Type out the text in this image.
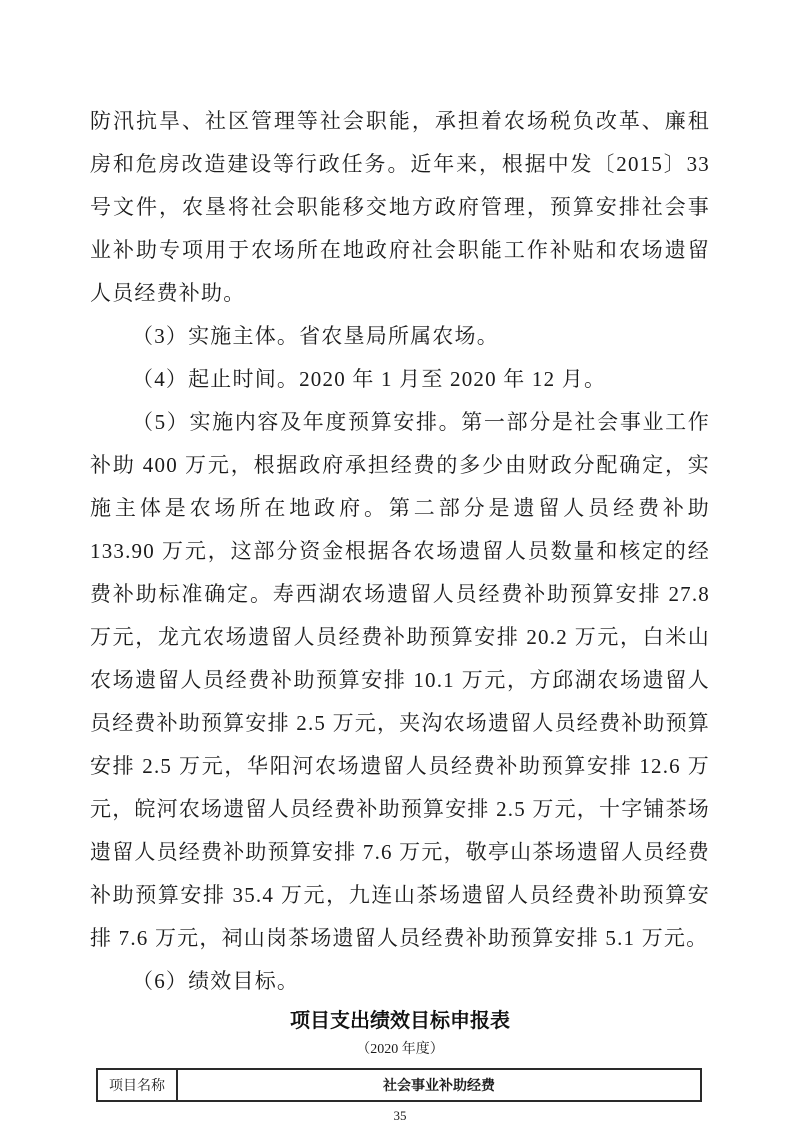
防汛抗旱、社区管理等社会职能，承担着农场税负改革、廉租房和危房改造建设等行政任务。近年来，根据中发〔2015〕33 号文件，农垦将社会职能移交地方政府管理，预算安排社会事业补助专项用于农场所在地政府社会职能工作补贴和农场遗留人员经费补助。

（3）实施主体。省农垦局所属农场。

（4）起止时间。2020 年 1 月至 2020 年 12 月。

（5）实施内容及年度预算安排。第一部分是社会事业工作补助 400 万元，根据政府承担经费的多少由财政分配确定，实施主体是农场所在地政府。第二部分是遗留人员经费补助 133.90 万元，这部分资金根据各农场遗留人员数量和核定的经费补助标准确定。寿西湖农场遗留人员经费补助预算安排 27.8 万元，龙亢农场遗留人员经费补助预算安排 20.2 万元，白米山农场遗留人员经费补助预算安排 10.1 万元，方邱湖农场遗留人员经费补助预算安排 2.5 万元，夹沟农场遗留人员经费补助预算安排 2.5 万元，华阳河农场遗留人员经费补助预算安排 12.6 万元，皖河农场遗留人员经费补助预算安排 2.5 万元，十字铺茶场遗留人员经费补助预算安排 7.6 万元，敬亭山茶场遗留人员经费补助预算安排 35.4 万元，九连山茶场遗留人员经费补助预算安排 7.6 万元，祠山岗茶场遗留人员经费补助预算安排 5.1 万元。

（6）绩效目标。

项目支出绩效目标申报表
（2020 年度）
项目名称	社会事业补助经费
35
